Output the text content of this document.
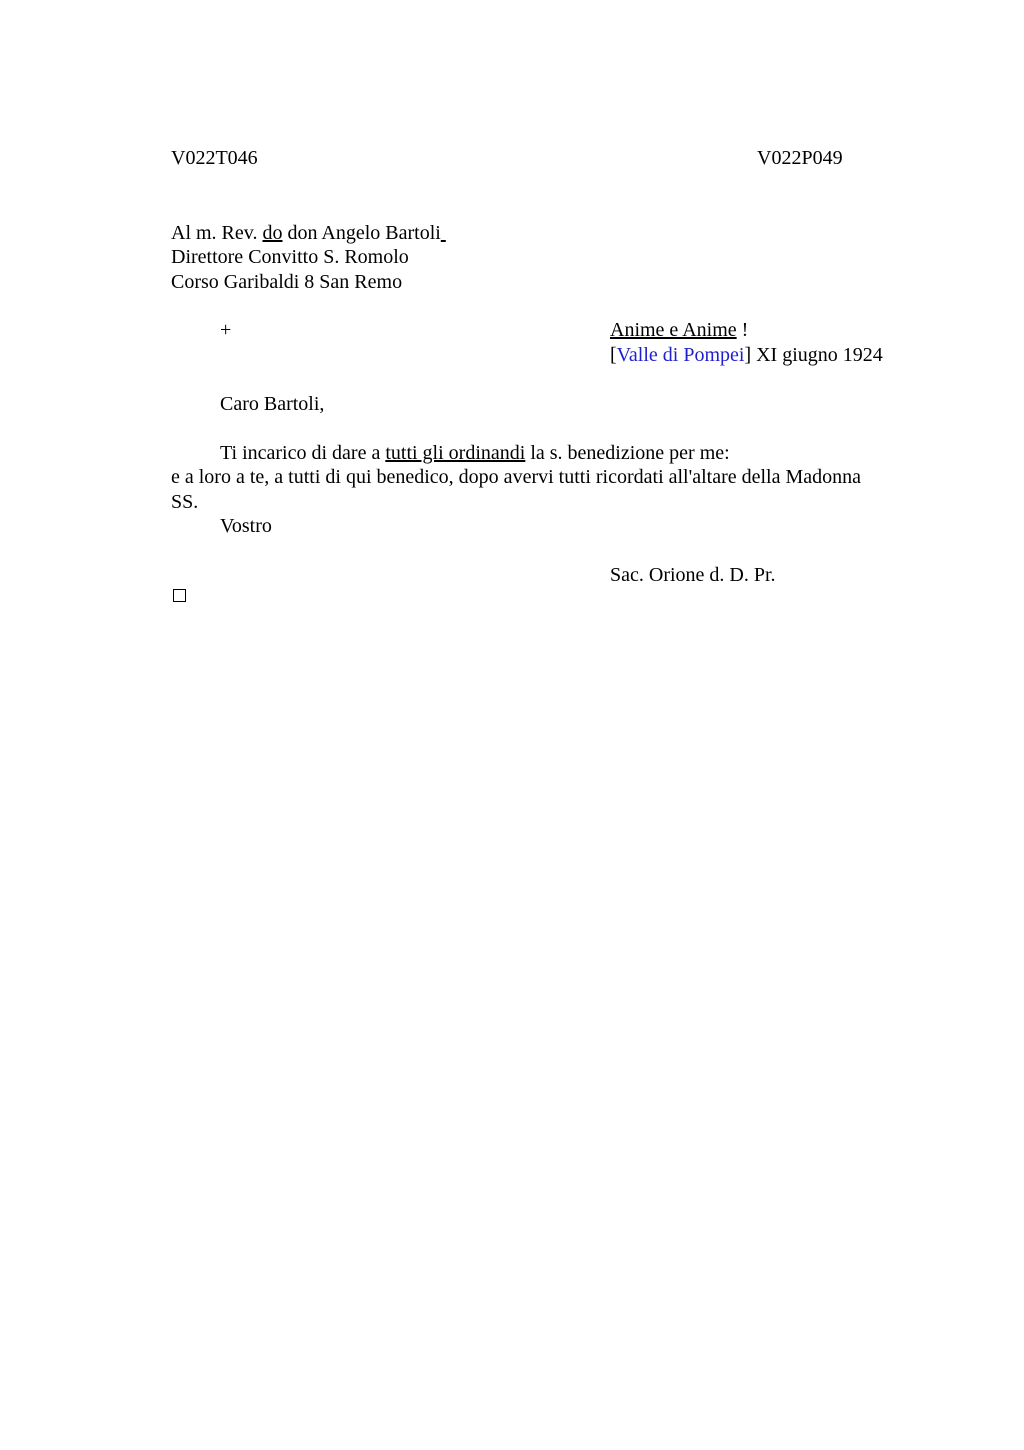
V022T046	V022P049
Al m. Rev. do don Angelo Bartoli
Direttore Convitto S. Romolo
Corso Garibaldi 8 San Remo
+	Anime e Anime !
[Valle di Pompei] XI giugno 1924
Caro Bartoli,
Ti incarico di dare a tutti gli ordinandi la s. benedizione per me:
e a loro a te, a tutti di qui benedico, dopo avervi tutti ricordati all'altare della Madonna
SS.
Vostro
Sac. Orione d. D. Pr.
